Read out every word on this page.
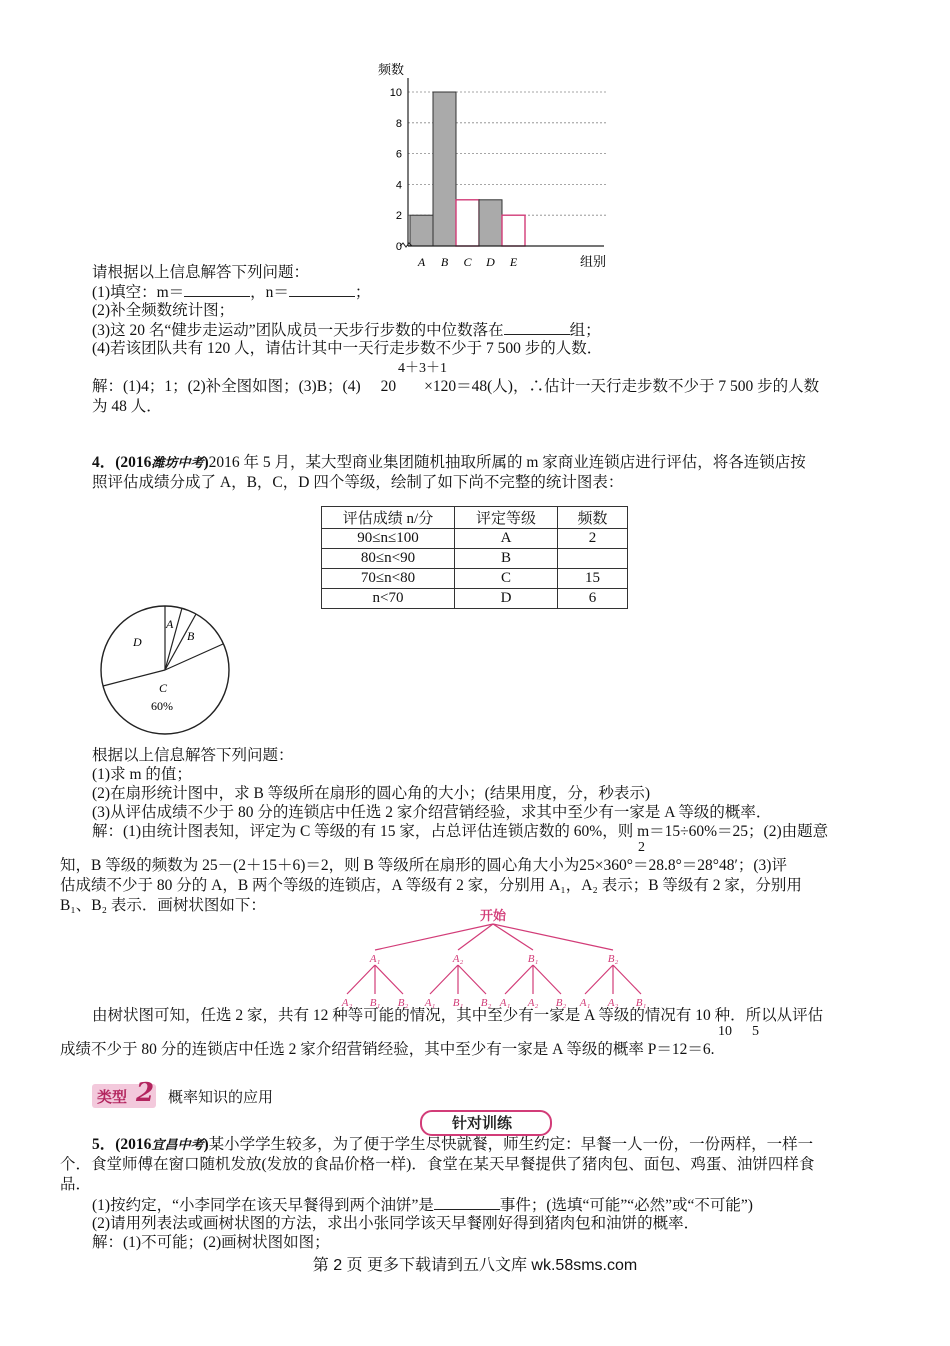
频数
0
2
4
6
8
10
A B C D E	组别
请根据以上信息解答下列问题：
(1)填空：m＝	，n＝	；
(2)补全频数统计图；
(3)这 20 名“健步走运动”团队成员一天步行步数的中位数落在	组；
(4)若该团队共有 120 人，请估计其中一天行走步数不少于 7 500 步的人数．
4＋3＋1
解：(1)4；1；(2)补全图如图；(3)B；(4) 20 ×120＝48(人)，∴估计一天行走步数不少于 7 500 步的人数
为 48 人．
4．(2016潍坊中考)2016 年 5 月，某大型商业集团随机抽取所属的 m 家商业连锁店进行评估，将各连锁店按
照评估成绩分成了 A，B，C，D 四个等级，绘制了如下尚不完整的统计图表：
评估成绩 n/分	评定等级	频数
90≤n≤100	A	2
80≤n<90	B	
70≤n<80	C	15
n<70	D	6
A
B
D
C
60%
根据以上信息解答下列问题：
(1)求 m 的值；
(2)在扇形统计图中，求 B 等级所在扇形的圆心角的大小；(结果用度，分，秒表示)
(3)从评估成绩不少于 80 分的连锁店中任选 2 家介绍营销经验，求其中至少有一家是 A 等级的概率．
解：(1)由统计图表知，评定为 C 等级的有 15 家，占总评估连锁店数的 60%，则 m＝15÷60%＝25；(2)由题意
2
知，B 等级的频数为 25－(2＋15＋6)＝2，则 B 等级所在扇形的圆心角大小为25×360°＝28.8°＝28°48′；(3)评
估成绩不少于 80 分的 A，B 两个等级的连锁店，A 等级有 2 家，分别用 A₁，A₂ 表示；B 等级有 2 家，分别用
B₁、B₂ 表示．画树状图如下：
开始
A₁	A₂	B₁	B₂
A₂ B₁ B₂ A₁ B₁ B₂ A₁ A₂ B₂ A₁ A₂ B₁
由树状图可知，任选 2 家，共有 12 种等可能的情况，其中至少有一家是 A 等级的情况有 10 种．所以从评估
10 5
成绩不少于 80 分的连锁店中任选 2 家介绍营销经验，其中至少有一家是 A 等级的概率 P＝12＝6.
类型 2 概率知识的应用
针对训练
5．(2016宜昌中考)某小学学生较多，为了便于学生尽快就餐，师生约定：早餐一人一份，一份两样，一样一
个．食堂师傅在窗口随机发放(发放的食品价格一样)．食堂在某天早餐提供了猪肉包、面包、鸡蛋、油饼四样食
品．
(1)按约定，“小李同学在该天早餐得到两个油饼”是	事件；(选填“可能”“必然”或“不可能”)
(2)请用列表法或画树状图的方法，求出小张同学该天早餐刚好得到猪肉包和油饼的概率．
解：(1)不可能；(2)画树状图如图；
第 2 页 更多下载请到五八文库 wk.58sms.com
